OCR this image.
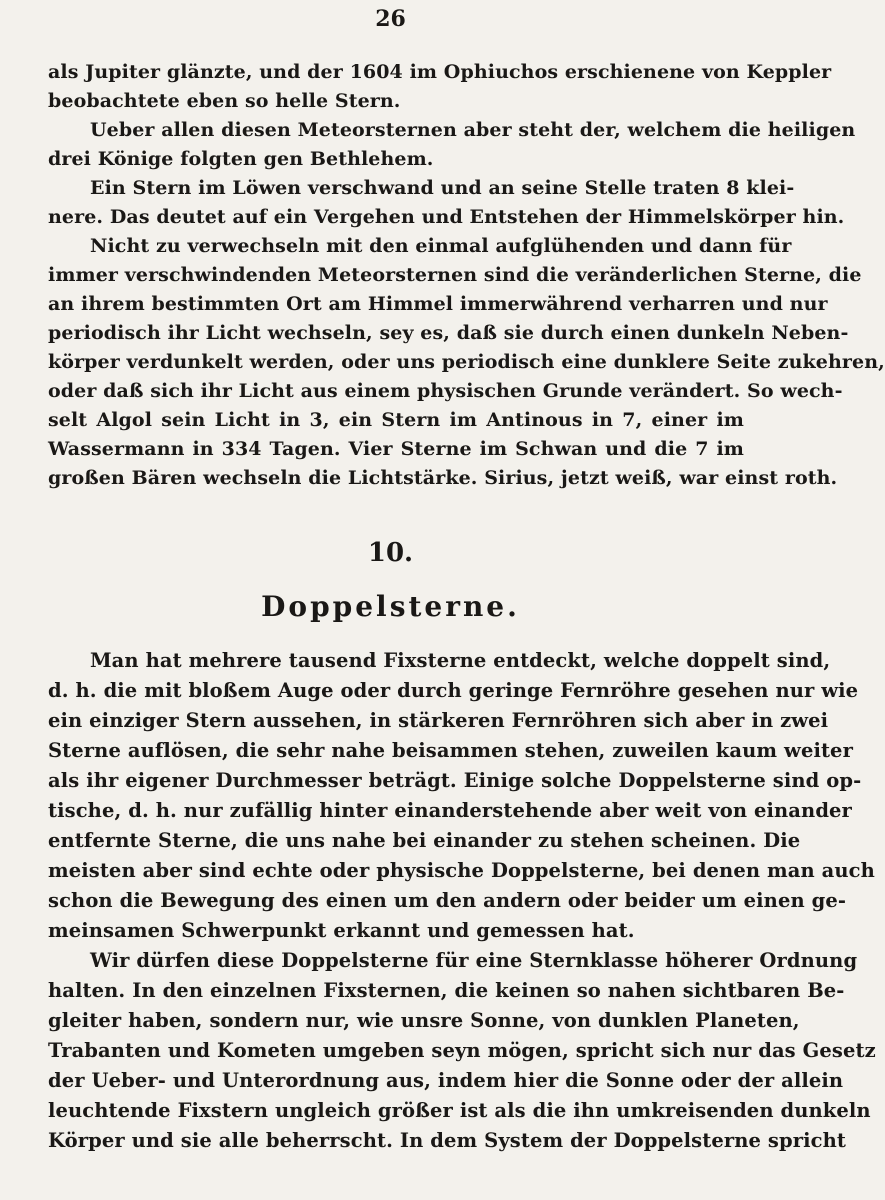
26
als Jupiter glänzte, und der 1604 im Ophiuchos erschienene von Keppler
beobachtete eben so helle Stern.
Ueber allen diesen Meteorsternen aber steht der, welchem die heiligen
drei Könige folgten gen Bethlehem.
Ein Stern im Löwen verschwand und an seine Stelle traten 8 klei-
nere. Das deutet auf ein Vergehen und Entstehen der Himmelskörper hin.
Nicht zu verwechseln mit den einmal aufglühenden und dann für
immer verschwindenden Meteorsternen sind die veränderlichen Sterne, die
an ihrem bestimmten Ort am Himmel immerwährend verharren und nur
periodisch ihr Licht wechseln, sey es, daß sie durch einen dunkeln Neben-
körper verdunkelt werden, oder uns periodisch eine dunklere Seite zukehren,
oder daß sich ihr Licht aus einem physischen Grunde verändert. So wech-
selt Algol sein Licht in 3, ein Stern im Antinous in 7, einer im
Wassermann in 334 Tagen. Vier Sterne im Schwan und die 7 im
großen Bären wechseln die Lichtstärke. Sirius, jetzt weiß, war einst roth.
10.
Doppelsterne.
Man hat mehrere tausend Fixsterne entdeckt, welche doppelt sind,
d. h. die mit bloßem Auge oder durch geringe Fernröhre gesehen nur wie
ein einziger Stern aussehen, in stärkeren Fernröhren sich aber in zwei
Sterne auflösen, die sehr nahe beisammen stehen, zuweilen kaum weiter
als ihr eigener Durchmesser beträgt. Einige solche Doppelsterne sind op-
tische, d. h. nur zufällig hinter einanderstehende aber weit von einander
entfernte Sterne, die uns nahe bei einander zu stehen scheinen. Die
meisten aber sind echte oder physische Doppelsterne, bei denen man auch
schon die Bewegung des einen um den andern oder beider um einen ge-
meinsamen Schwerpunkt erkannt und gemessen hat.
Wir dürfen diese Doppelsterne für eine Sternklasse höherer Ordnung
halten. In den einzelnen Fixsternen, die keinen so nahen sichtbaren Be-
gleiter haben, sondern nur, wie unsre Sonne, von dunklen Planeten,
Trabanten und Kometen umgeben seyn mögen, spricht sich nur das Gesetz
der Ueber- und Unterordnung aus, indem hier die Sonne oder der allein
leuchtende Fixstern ungleich größer ist als die ihn umkreisenden dunkeln
Körper und sie alle beherrscht. In dem System der Doppelsterne spricht
